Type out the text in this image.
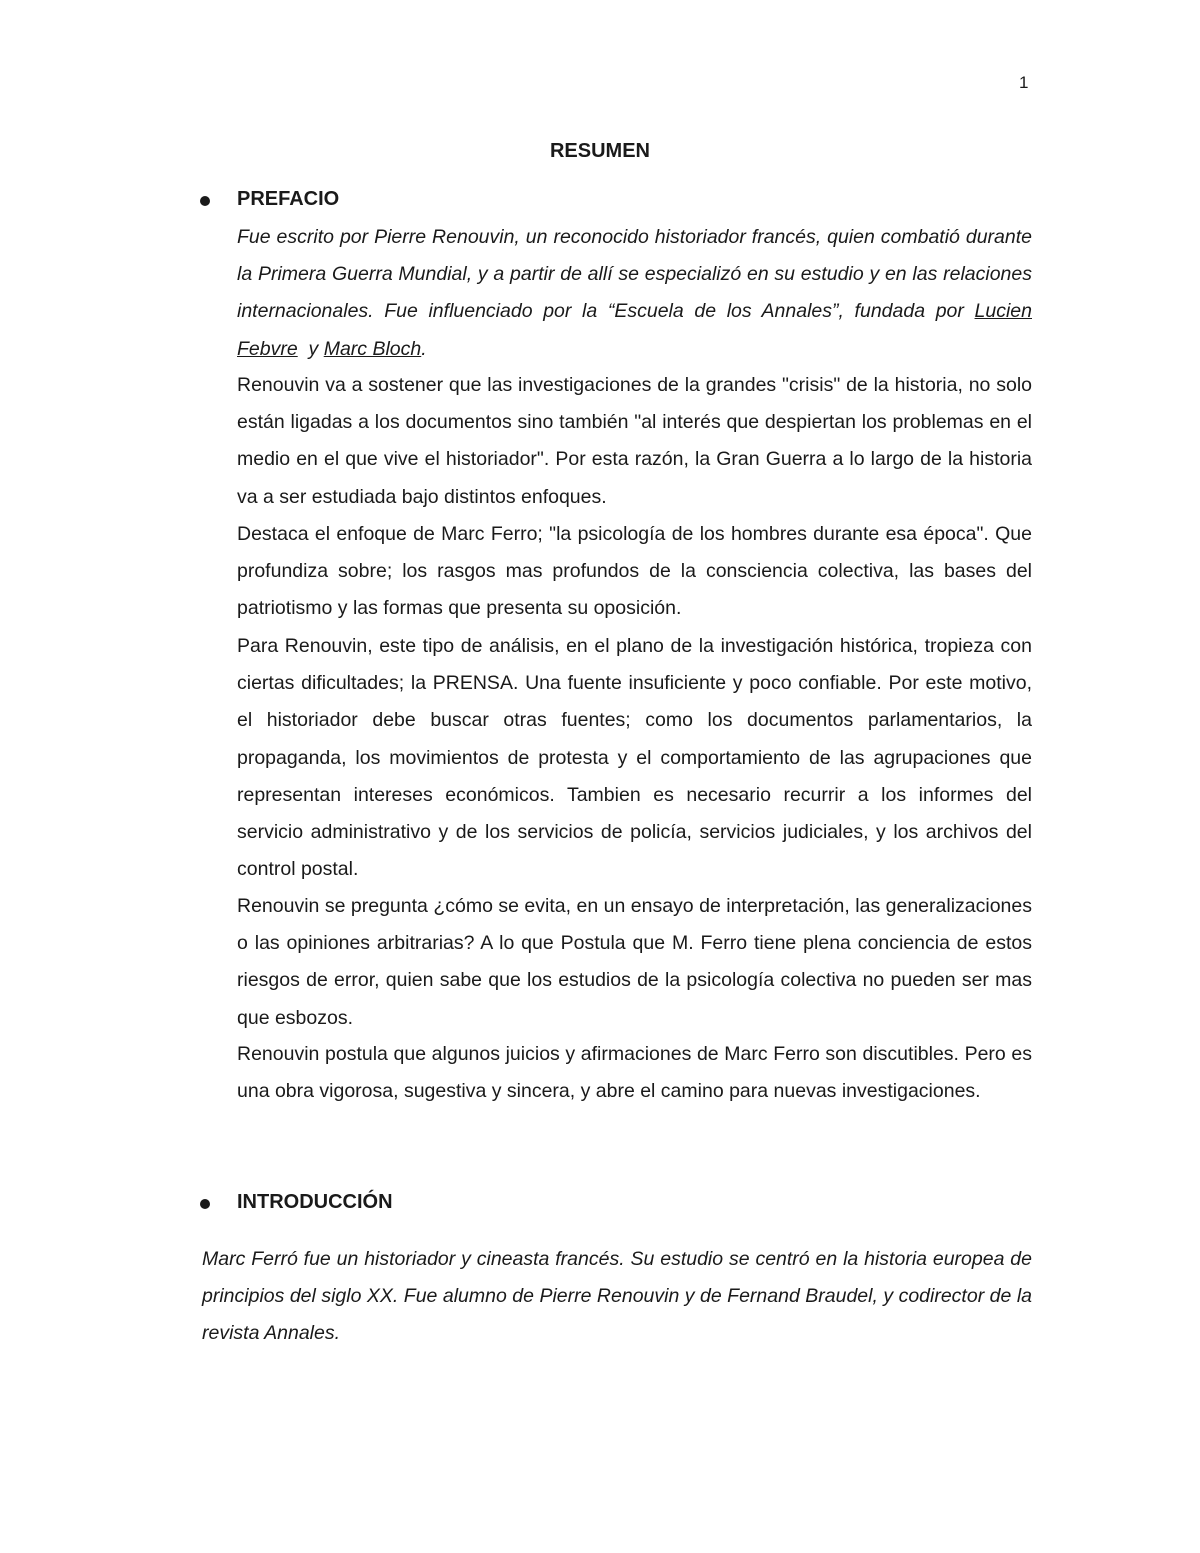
1
RESUMEN
PREFACIO

Fue escrito por Pierre Renouvin, un reconocido historiador francés, quien combatió durante la Primera Guerra Mundial, y a partir de allí se especializó en su estudio y en las relaciones internacionales. Fue influenciado por la “Escuela de los Annales”, fundada por Lucien Febvre  y Marc Bloch.

Renouvin va a sostener que las investigaciones de la grandes "crisis" de la historia, no solo están ligadas a los documentos sino también "al interés que despiertan los problemas en el medio en el que vive el historiador". Por esta razón, la Gran Guerra a lo largo de la historia va a ser estudiada bajo distintos enfoques.

Destaca el enfoque de Marc Ferro; "la psicología de los hombres durante esa época". Que profundiza sobre; los rasgos mas profundos de la consciencia colectiva, las bases del patriotismo y las formas que presenta su oposición.

Para Renouvin, este tipo de análisis, en el plano de la investigación histórica, tropieza con ciertas dificultades; la PRENSA. Una fuente insuficiente y poco confiable. Por este motivo, el historiador debe buscar otras fuentes; como los documentos parlamentarios, la propaganda, los movimientos de protesta y el comportamiento de las agrupaciones que representan intereses económicos. Tambien es necesario recurrir a los informes del servicio administrativo y de los servicios de policía, servicios judiciales, y los archivos del control postal.

Renouvin se pregunta ¿cómo se evita, en un ensayo de interpretación, las generalizaciones o las opiniones arbitrarias? A lo que Postula que M. Ferro tiene plena conciencia de estos riesgos de error, quien sabe que los estudios de la psicología colectiva no pueden ser mas que esbozos.

Renouvin postula que algunos juicios y afirmaciones de Marc Ferro son discutibles. Pero es una obra vigorosa, sugestiva y sincera, y abre el camino para nuevas investigaciones.

INTRODUCCIÓN

Marc Ferró fue un historiador y cineasta francés. Su estudio se centró en la historia europea de principios del siglo XX. Fue alumno de Pierre Renouvin y de Fernand Braudel, y codirector de la revista Annales.
